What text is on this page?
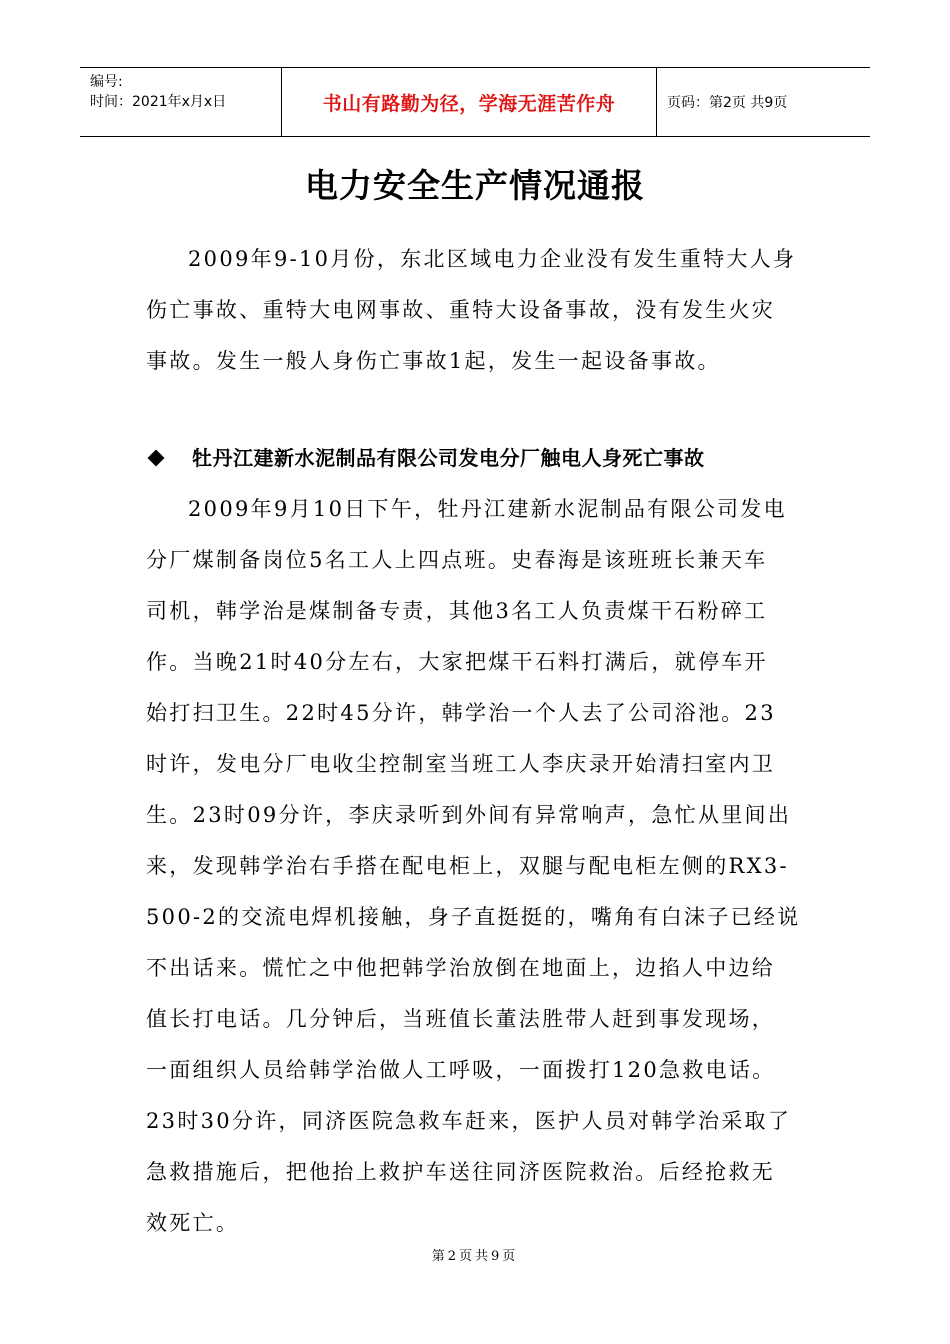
编号:
时间：2021年x月x日	书山有路勤为径，学海无涯苦作舟	页码：第2页 共9页
电力安全生产情况通报
2009年9-10月份，东北区域电力企业没有发生重特大人身
伤亡事故、重特大电网事故、重特大设备事故，没有发生火灾
事故。发生一般人身伤亡事故1起，发生一起设备事故。
牡丹江建新水泥制品有限公司发电分厂触电人身死亡事故
2009年9月10日下午，牡丹江建新水泥制品有限公司发电
分厂煤制备岗位5名工人上四点班。史春海是该班班长兼天车
司机，韩学治是煤制备专责，其他3名工人负责煤干石粉碎工
作。当晚21时40分左右，大家把煤干石料打满后，就停车开
始打扫卫生。22时45分许，韩学治一个人去了公司浴池。23
时许，发电分厂电收尘控制室当班工人李庆录开始清扫室内卫
生。23时09分许，李庆录听到外间有异常响声，急忙从里间出
来，发现韩学治右手搭在配电柜上，双腿与配电柜左侧的RX3-
500-2的交流电焊机接触，身子直挺挺的，嘴角有白沫子已经说
不出话来。慌忙之中他把韩学治放倒在地面上，边掐人中边给
值长打电话。几分钟后，当班值长董法胜带人赶到事发现场，
一面组织人员给韩学治做人工呼吸，一面拨打120急救电话。
23时30分许，同济医院急救车赶来，医护人员对韩学治采取了
急救措施后，把他抬上救护车送往同济医院救治。后经抢救无
效死亡。
第2页共9页
